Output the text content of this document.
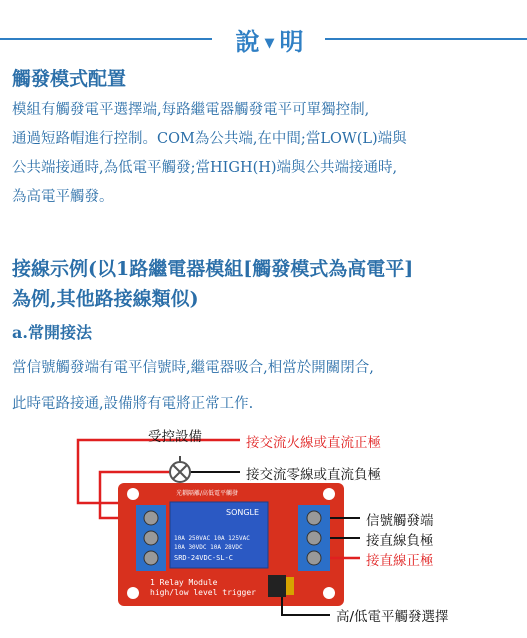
說 ▼ 明
觸發模式配置
模組有觸發電平選擇端,每路繼電器觸發電平可單獨控制,
通過短路帽進行控制。COM為公共端,在中間;當LOW(L)端與
公共端接通時,為低電平觸發;當HIGH(H)端與公共端接通時,
為高電平觸發。
接線示例(以1路繼電器模組[觸發模式為高電平]
為例,其他路接線類似)
a.常開接法
當信號觸發端有電平信號時,繼電器吸合,相當於開關閉合,
此時電路接通,設備將有電將正常工作.
SONGLE
10A 250VAC 10A 125VAC
10A 30VDC 10A 28VDC
SRD-24VDC-SL-C
光耦隔離/高低電平觸發
1 Relay Module
high/low level trigger
受控設備	接交流火線或直流正極
接交流零線或直流負極
信號觸發端
接直線負極
接直線正極
高/低電平觸發選擇
